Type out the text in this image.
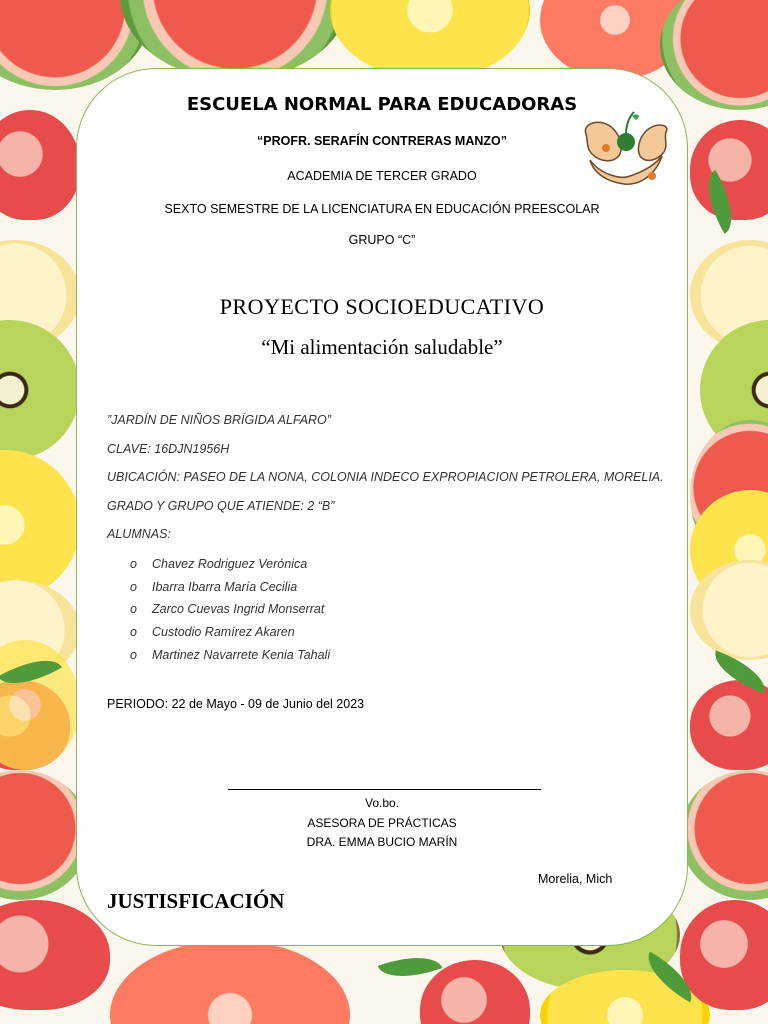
ESCUELA NORMAL PARA EDUCADORAS
“PROFR. SERAFÍN CONTRERAS MANZO”
ACADEMIA DE TERCER GRADO
SEXTO SEMESTRE DE LA LICENCIATURA EN EDUCACIÓN PREESCOLAR
GRUPO “C”
PROYECTO SOCIOEDUCATIVO
“Mi alimentación saludable”
”JARDÍN DE NIÑOS BRÍGIDA ALFARO”
CLAVE: 16DJN1956H
UBICACIÓN: PASEO DE LA NONA, COLONIA INDECO EXPROPIACION PETROLERA, MORELIA.
GRADO Y GRUPO QUE ATIENDE: 2 “B”
ALUMNAS:
o Chavez Rodriguez Verónica
o Ibarra Ibarra María Cecilia
o Zarco Cuevas Ingrid Monserrat
o Custodio Ramírez Akaren
o Martinez Navarrete Kenia Tahali
PERIODO: 22 de Mayo - 09 de Junio del 2023
Vo.bo.
ASESORA DE PRÁCTICAS
DRA. EMMA BUCIO MARÍN
Morelia, Mich
JUSTISFICACIÓN
